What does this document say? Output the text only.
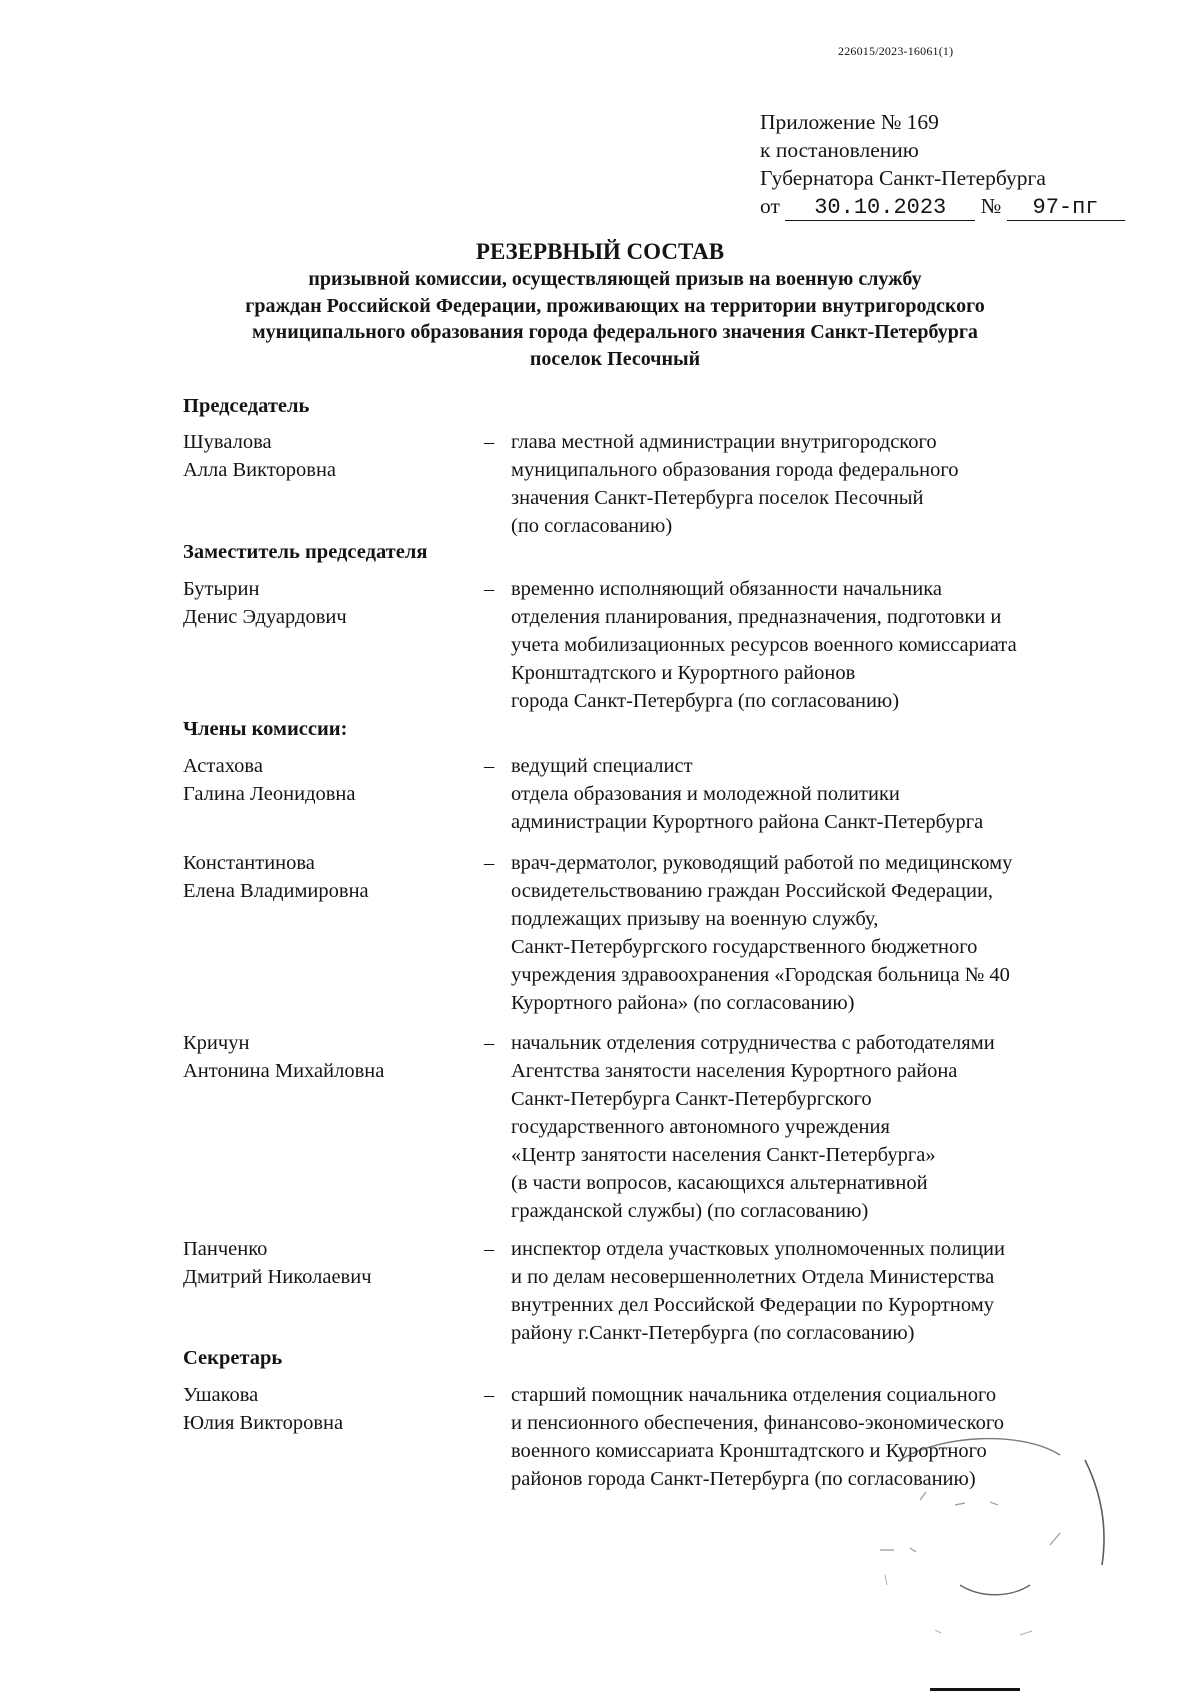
226015/2023-16061(1)
Приложение № 169
к постановлению
Губернатора Санкт-Петербурга
от 30.10.2023 № 97-пг
РЕЗЕРВНЫЙ СОСТАВ
призывной комиссии, осуществляющей призыв на военную службу
граждан Российской Федерации, проживающих на территории внутригородского
муниципального образования города федерального значения Санкт-Петербурга
поселок Песочный
Председатель
Шувалова
Алла Викторовна
– глава местной администрации внутригородского
муниципального образования города федерального
значения Санкт-Петербурга поселок Песочный
(по согласованию)
Заместитель председателя
Бутырин
Денис Эдуардович
– временно исполняющий обязанности начальника
отделения планирования, предназначения, подготовки и
учета мобилизационных ресурсов военного комиссариата
Кронштадтского и Курортного районов
города Санкт-Петербурга (по согласованию)
Члены комиссии:
Астахова
Галина Леонидовна
– ведущий специалист
отдела образования и молодежной политики
администрации Курортного района Санкт-Петербурга
Константинова
Елена Владимировна
– врач-дерматолог, руководящий работой по медицинскому
освидетельствованию граждан Российской Федерации,
подлежащих призыву на военную службу,
Санкт-Петербургского государственного бюджетного
учреждения здравоохранения «Городская больница № 40
Курортного района» (по согласованию)
Кричун
Антонина Михайловна
– начальник отделения сотрудничества с работодателями
Агентства занятости населения Курортного района
Санкт-Петербурга Санкт-Петербургского
государственного автономного учреждения
«Центр занятости населения Санкт-Петербурга»
(в части вопросов, касающихся альтернативной
гражданской службы) (по согласованию)
Панченко
Дмитрий Николаевич
– инспектор отдела участковых уполномоченных полиции
и по делам несовершеннолетних Отдела Министерства
внутренних дел Российской Федерации по Курортному
району г.Санкт-Петербурга (по согласованию)
Секретарь
Ушакова
Юлия Викторовна
– старший помощник начальника отделения социального
и пенсионного обеспечения, финансово-экономического
военного комиссариата Кронштадтского и Курортного
районов города Санкт-Петербурга (по согласованию)
